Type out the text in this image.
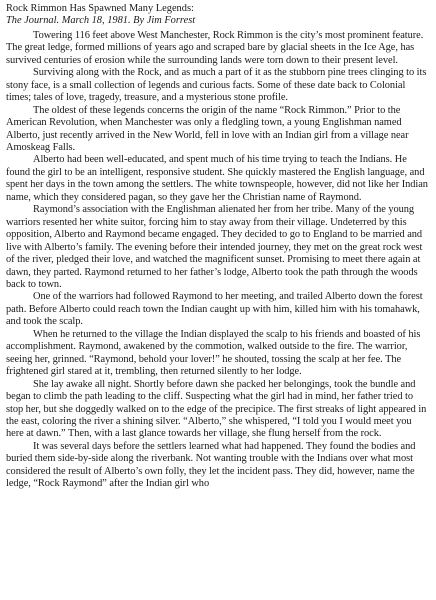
Rock Rimmon Has Spawned Many Legends:

The Journal. March 18, 1981. By Jim Forrest

Towering 116 feet above West Manchester, Rock Rimmon is the city’s most prominent feature. The great ledge, formed millions of years ago and scraped bare by glacial sheets in the Ice Age, has survived centuries of erosion while the surrounding lands were torn down to their present level.

Surviving along with the Rock, and as much a part of it as the stubborn pine trees clinging to its stony face, is a small collection of legends and curious facts. Some of these date back to Colonial times; tales of love, tragedy, treasure, and a mysterious stone profile.

The oldest of these legends concerns the origin of the name “Rock Rimmon.” Prior to the American Revolution, when Manchester was only a fledgling town, a young Englishman named Alberto, just recently arrived in the New World, fell in love with an Indian girl from a village near Amoskeag Falls.

Alberto had been well-educated, and spent much of his time trying to teach the Indians. He found the girl to be an intelligent, responsive student. She quickly mastered the English language, and spent her days in the town among the settlers. The white townspeople, however, did not like her Indian name, which they considered pagan, so they gave her the Christian name of Raymond.

Raymond’s association with the Englishman alienated her from her tribe. Many of the young warriors resented her white suitor, forcing him to stay away from their village. Undeterred by this opposition, Alberto and Raymond became engaged. They decided to go to England to be married and live with Alberto’s family. The evening before their intended journey, they met on the great rock west of the river, pledged their love, and watched the magnificent sunset. Promising to meet there again at dawn, they parted. Raymond returned to her father’s lodge, Alberto took the path through the woods back to town.

One of the warriors had followed Raymond to her meeting, and trailed Alberto down the forest path. Before Alberto could reach town the Indian caught up with him, killed him with his tomahawk, and took the scalp.

When he returned to the village the Indian displayed the scalp to his friends and boasted of his accomplishment. Raymond, awakened by the commotion, walked outside to the fire. The warrior, seeing her, grinned. “Raymond, behold your lover!” he shouted, tossing the scalp at her fee. The frightened girl stared at it, trembling, then returned silently to her lodge.

She lay awake all night. Shortly before dawn she packed her belongings, took the bundle and began to climb the path leading to the cliff. Suspecting what the girl had in mind, her father tried to stop her, but she doggedly walked on to the edge of the precipice. The first streaks of light appeared in the east, coloring the river a shining silver. “Alberto,” she whispered, “I told you I would meet you here at dawn.” Then, with a last glance towards her village, she flung herself from the rock.

It was several days before the settlers learned what had happened. They found the bodies and buried them side-by-side along the riverbank. Not wanting trouble with the Indians over what most considered the result of Alberto’s own folly, they let the incident pass. They did, however, name the ledge, “Rock Raymond” after the Indian girl who
